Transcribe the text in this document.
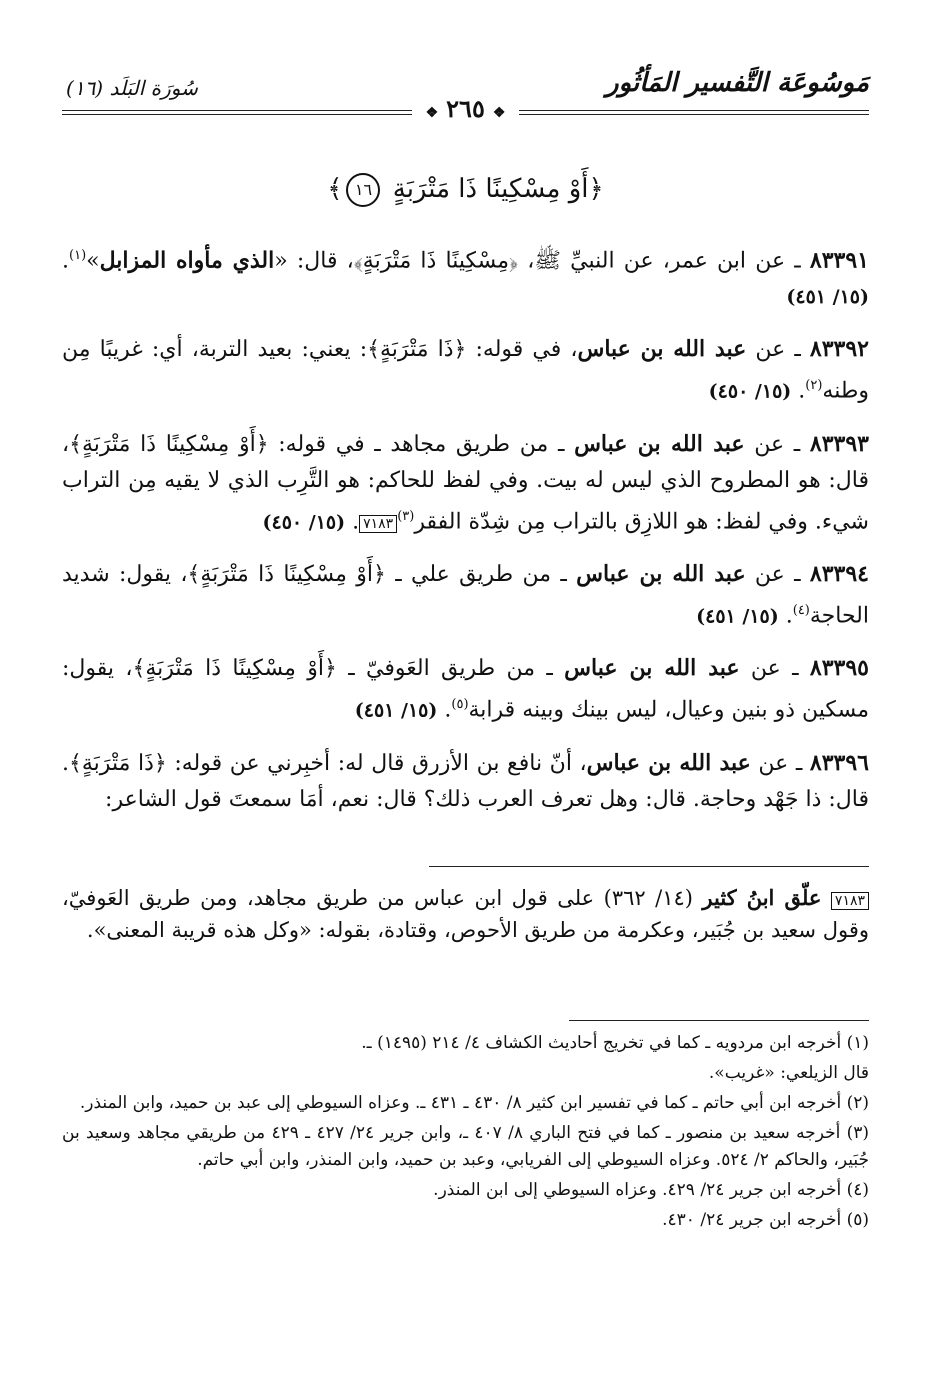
مَوسُوعَة التَّفسير المَأثُور
سُورَة البَلَد (١٦)
❖٢٦٥❖
﴿أَوْ مِسْكِينًا ذَا مَتْرَبَةٍ ١٦﴾

٨٣٣٩١ ـ عن ابن عمر، عن النبيِّ ﷺ، ﴿مِسْكِينًا ذَا مَتْرَبَةٍ﴾، قال: «الذي مأواه المزابل»$^{(١)}$. (١٥/ ٤٥١)

٨٣٣٩٢ ـ عن عبد الله بن عباس، في قوله: ﴿ذَا مَتْرَبَةٍ﴾: يعني: بعيد التربة، أي: غريبًا مِن وطنه$^{(٢)}$. (١٥/ ٤٥٠)

٨٣٣٩٣ ـ عن عبد الله بن عباس ـ من طريق مجاهد ـ في قوله: ﴿أَوْ مِسْكِينًا ذَا مَتْرَبَةٍ﴾، قال: هو المطروح الذي ليس له بيت. وفي لفظ للحاكم: هو التَّرِب الذي لا يقيه مِن التراب شيء. وفي لفظ: هو اللازِق بالتراب مِن شِدّة الفقر$^{(٣)}$٧١٨٣. (١٥/ ٤٥٠)

٨٣٣٩٤ ـ عن عبد الله بن عباس ـ من طريق علي ـ ﴿أَوْ مِسْكِينًا ذَا مَتْرَبَةٍ﴾، يقول: شديد الحاجة$^{(٤)}$. (١٥/ ٤٥١)

٨٣٣٩٥ ـ عن عبد الله بن عباس ـ من طريق العَوفيّ ـ ﴿أَوْ مِسْكِينًا ذَا مَتْرَبَةٍ﴾، يقول: مسكين ذو بنين وعيال، ليس بينك وبينه قرابة$^{(٥)}$. (١٥/ ٤٥١)

٨٣٣٩٦ ـ عن عبد الله بن عباس، أنّ نافع بن الأزرق قال له: أخبِرني عن قوله: ﴿ذَا مَتْرَبَةٍ﴾. قال: ذا جَهْد وحاجة. قال: وهل تعرف العرب ذلك؟ قال: نعم، أمَا سمعتَ قول الشاعر:

٧١٨٣ علّق ابنُ كثير (١٤/ ٣٦٢) على قول ابن عباس من طريق مجاهد، ومن طريق العَوفيّ، وقول سعيد بن جُبَير، وعكرمة من طريق الأحوص، وقتادة، بقوله: «وكل هذه قريبة المعنى».

(١) أخرجه ابن مردويه ـ كما في تخريج أحاديث الكشاف ٤/ ٢١٤ (١٤٩٥) ـ.

قال الزيلعي: «غريب».

(٢) أخرجه ابن أبي حاتم ـ كما في تفسير ابن كثير ٨/ ٤٣٠ ـ ٤٣١ ـ. وعزاه السيوطي إلى عبد بن حميد، وابن المنذر.

(٣) أخرجه سعيد بن منصور ـ كما في فتح الباري ٨/ ٤٠٧ ـ، وابن جرير ٢٤/ ٤٢٧ ـ ٤٢٩ من طريقي مجاهد وسعيد بن جُبَير، والحاكم ٢/ ٥٢٤. وعزاه السيوطي إلى الفريابي، وعبد بن حميد، وابن المنذر، وابن أبي حاتم.

(٤) أخرجه ابن جرير ٢٤/ ٤٢٩. وعزاه السيوطي إلى ابن المنذر.

(٥) أخرجه ابن جرير ٢٤/ ٤٣٠.
